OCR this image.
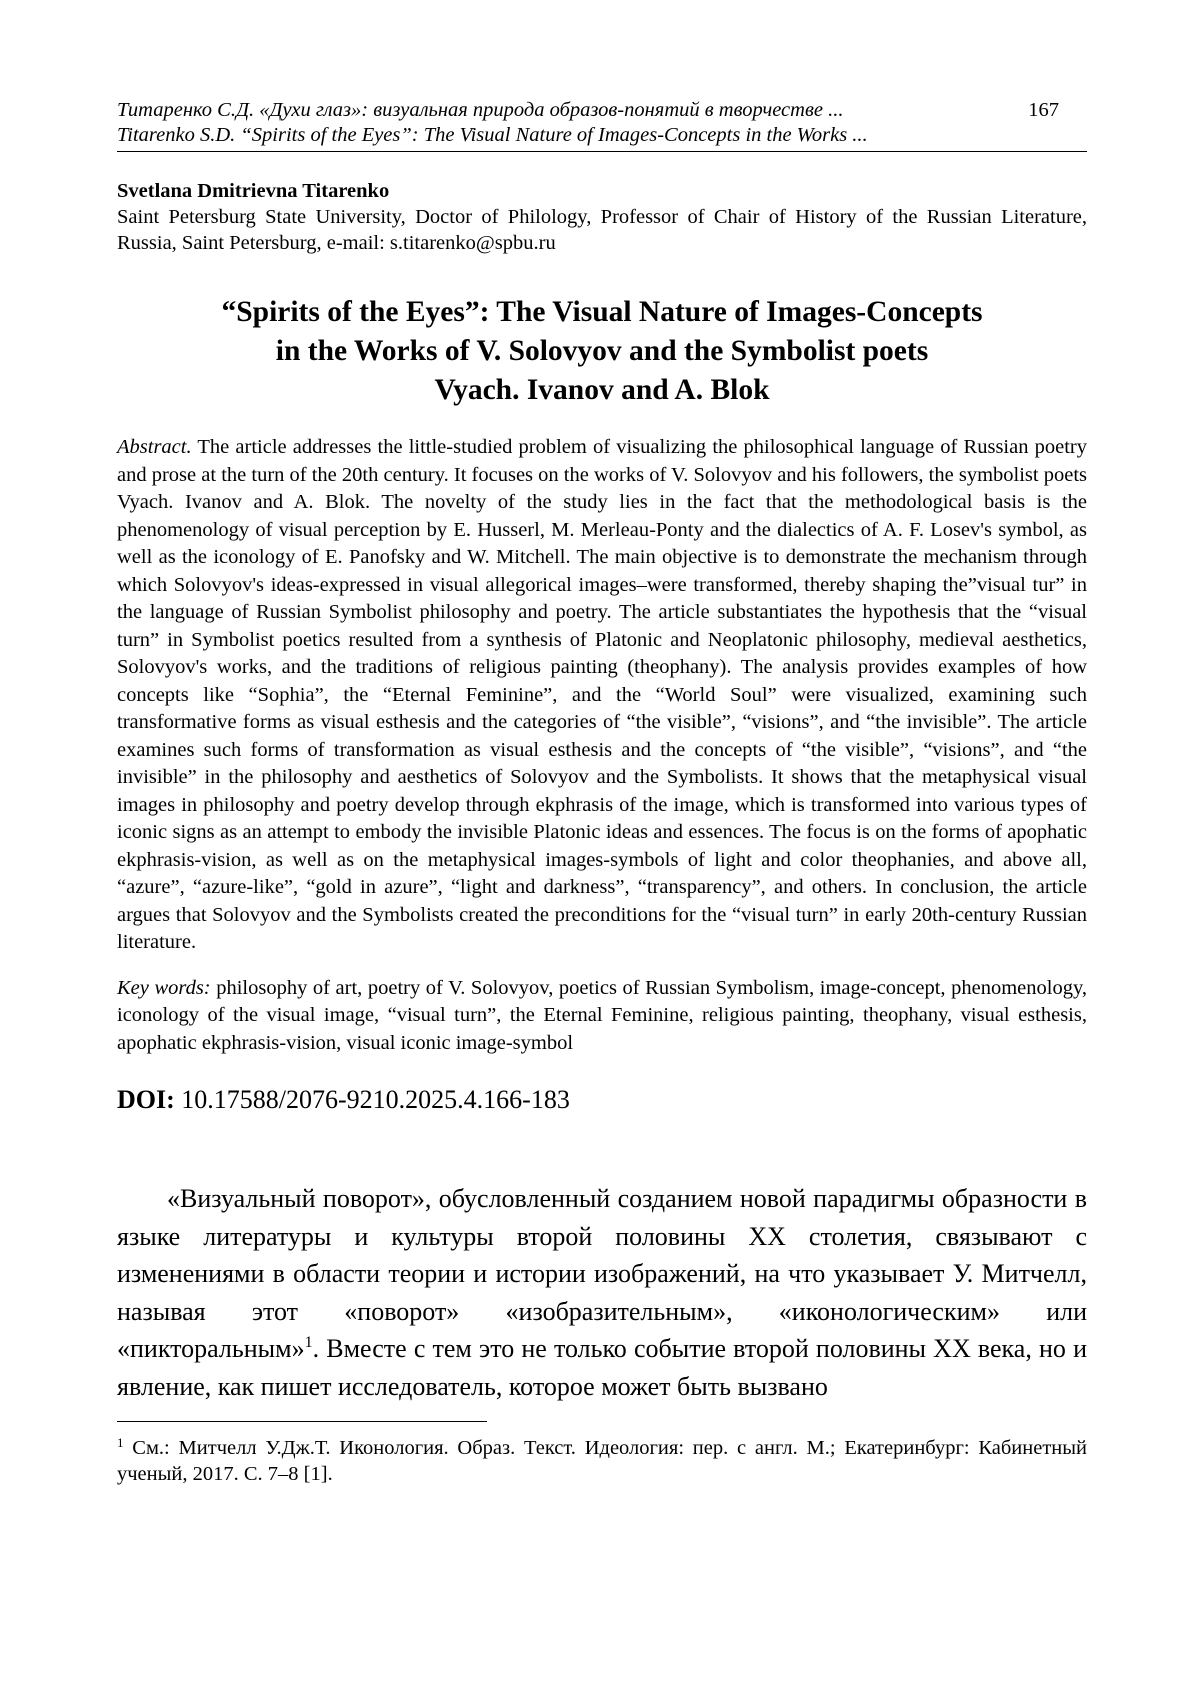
Титаренко С.Д. «Духи глаз»: визуальная природа образов-понятий в творчестве ...
Titarenko S.D. “Spirits of the Eyes”: The Visual Nature of Images-Concepts in the Works ...
167
Svetlana Dmitrievna Titarenko
Saint Petersburg State University, Doctor of Philology, Professor of Chair of History of the Russian Literature, Russia, Saint Petersburg, e-mail: s.titarenko@spbu.ru
“Spirits of the Eyes”: The Visual Nature of Images-Concepts
in the Works of V. Solovyov and the Symbolist poets
Vyach. Ivanov and A. Blok
Abstract. The article addresses the little-studied problem of visualizing the philosophical language of Russian poetry and prose at the turn of the 20th century. It focuses on the works of V. Solovyov and his followers, the symbolist poets Vyach. Ivanov and A. Blok. The novelty of the study lies in the fact that the methodological basis is the phenomenology of visual perception by E. Husserl, M. Merleau-Ponty and the dialectics of A. F. Losev's symbol, as well as the iconology of E. Panofsky and W. Mitchell. The main objective is to demonstrate the mechanism through which Solovyov's ideas-expressed in visual allegorical images–were transformed, thereby shaping the”visual tur” in the language of Russian Symbolist philosophy and poetry. The article substantiates the hypothesis that the “visual turn” in Symbolist poetics resulted from a synthesis of Platonic and Neoplatonic philosophy, medieval aesthetics, Solovyov's works, and the traditions of religious painting (theophany). The analysis provides examples of how concepts like “Sophia”, the “Eternal Feminine”, and the “World Soul” were visualized, examining such transformative forms as visual esthesis and the categories of “the visible”, “visions”, and “the invisible”. The article examines such forms of transformation as visual esthesis and the concepts of “the visible”, “visions”, and “the invisible” in the philosophy and aesthetics of Solovyov and the Symbolists. It shows that the metaphysical visual images in philosophy and poetry develop through ekphrasis of the image, which is transformed into various types of iconic signs as an attempt to embody the invisible Platonic ideas and essences. The focus is on the forms of apophatic ekphrasis-vision, as well as on the metaphysical images-symbols of light and color theophanies, and above all, “azure”, “azure-like”, “gold in azure”, “light and darkness”, “transparency”, and others. In conclusion, the article argues that Solovyov and the Symbolists created the preconditions for the “visual turn” in early 20th-century Russian literature.
Key words: philosophy of art, poetry of V. Solovyov, poetics of Russian Symbolism, image-concept, phenomenology, iconology of the visual image, “visual turn”, the Eternal Feminine, religious painting, theophany, visual esthesis, apophatic ekphrasis-vision, visual iconic image-symbol
DOI: 10.17588/2076-9210.2025.4.166-183
«Визуальный поворот», обусловленный созданием новой парадигмы образности в языке литературы и культуры второй половины XX столетия, связывают с изменениями в области теории и истории изображений, на что указывает У. Митчелл, называя этот «поворот» «изобразительным», «иконологическим» или «пикторальным»$^1$. Вместе с тем это не только событие второй половины XX века, но и явление, как пишет исследователь, которое может быть вызвано
$^1$ См.: Митчелл У.Дж.Т. Иконология. Образ. Текст. Идеология: пер. с англ. М.; Екатеринбург: Кабинетный ученый, 2017. С. 7–8 [1].
